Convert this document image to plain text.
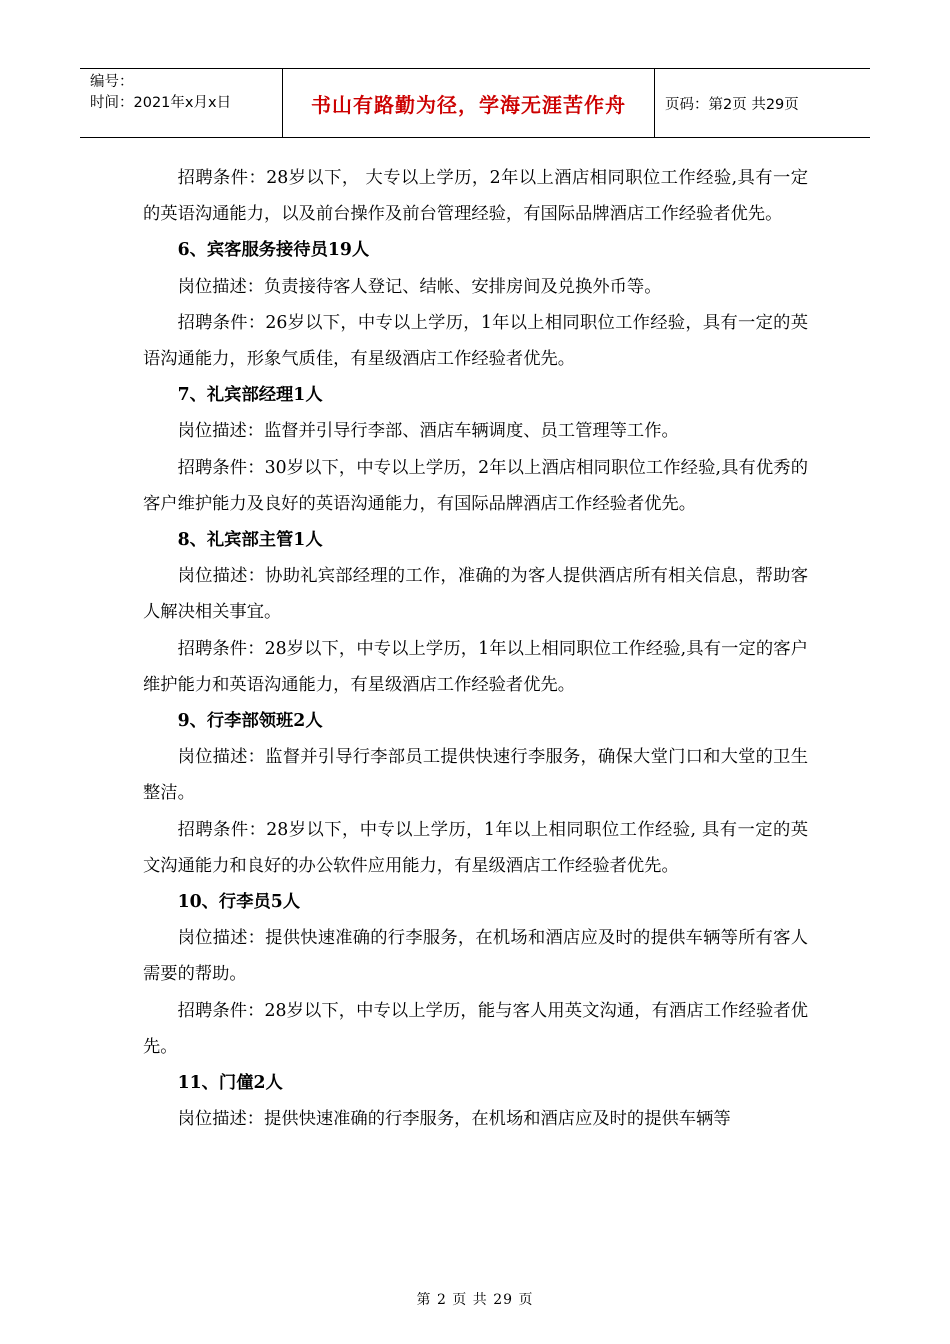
编号：
时间：2021年x月x日	书山有路勤为径，学海无涯苦作舟	页码：第2页 共29页

招聘条件：28岁以下， 大专以上学历，2年以上酒店相同职位工作经验,具有一定的英语沟通能力，以及前台操作及前台管理经验，有国际品牌酒店工作经验者优先。

6、宾客服务接待员19人

岗位描述：负责接待客人登记、结帐、安排房间及兑换外币等。

招聘条件：26岁以下，中专以上学历，1年以上相同职位工作经验，具有一定的英语沟通能力，形象气质佳，有星级酒店工作经验者优先。

7、礼宾部经理1人

岗位描述：监督并引导行李部、酒店车辆调度、员工管理等工作。

招聘条件：30岁以下，中专以上学历，2年以上酒店相同职位工作经验,具有优秀的客户维护能力及良好的英语沟通能力，有国际品牌酒店工作经验者优先。

8、礼宾部主管1人

岗位描述：协助礼宾部经理的工作，准确的为客人提供酒店所有相关信息，帮助客人解决相关事宜。

招聘条件：28岁以下，中专以上学历，1年以上相同职位工作经验,具有一定的客户维护能力和英语沟通能力，有星级酒店工作经验者优先。

9、行李部领班2人

岗位描述：监督并引导行李部员工提供快速行李服务，确保大堂门口和大堂的卫生整洁。

招聘条件：28岁以下，中专以上学历，1年以上相同职位工作经验, 具有一定的英文沟通能力和良好的办公软件应用能力，有星级酒店工作经验者优先。

10、行李员5人

岗位描述：提供快速准确的行李服务，在机场和酒店应及时的提供车辆等所有客人需要的帮助。

招聘条件：28岁以下，中专以上学历，能与客人用英文沟通，有酒店工作经验者优先。

11、门僮2人

岗位描述：提供快速准确的行李服务，在机场和酒店应及时的提供车辆等

第 2 页 共 29 页
